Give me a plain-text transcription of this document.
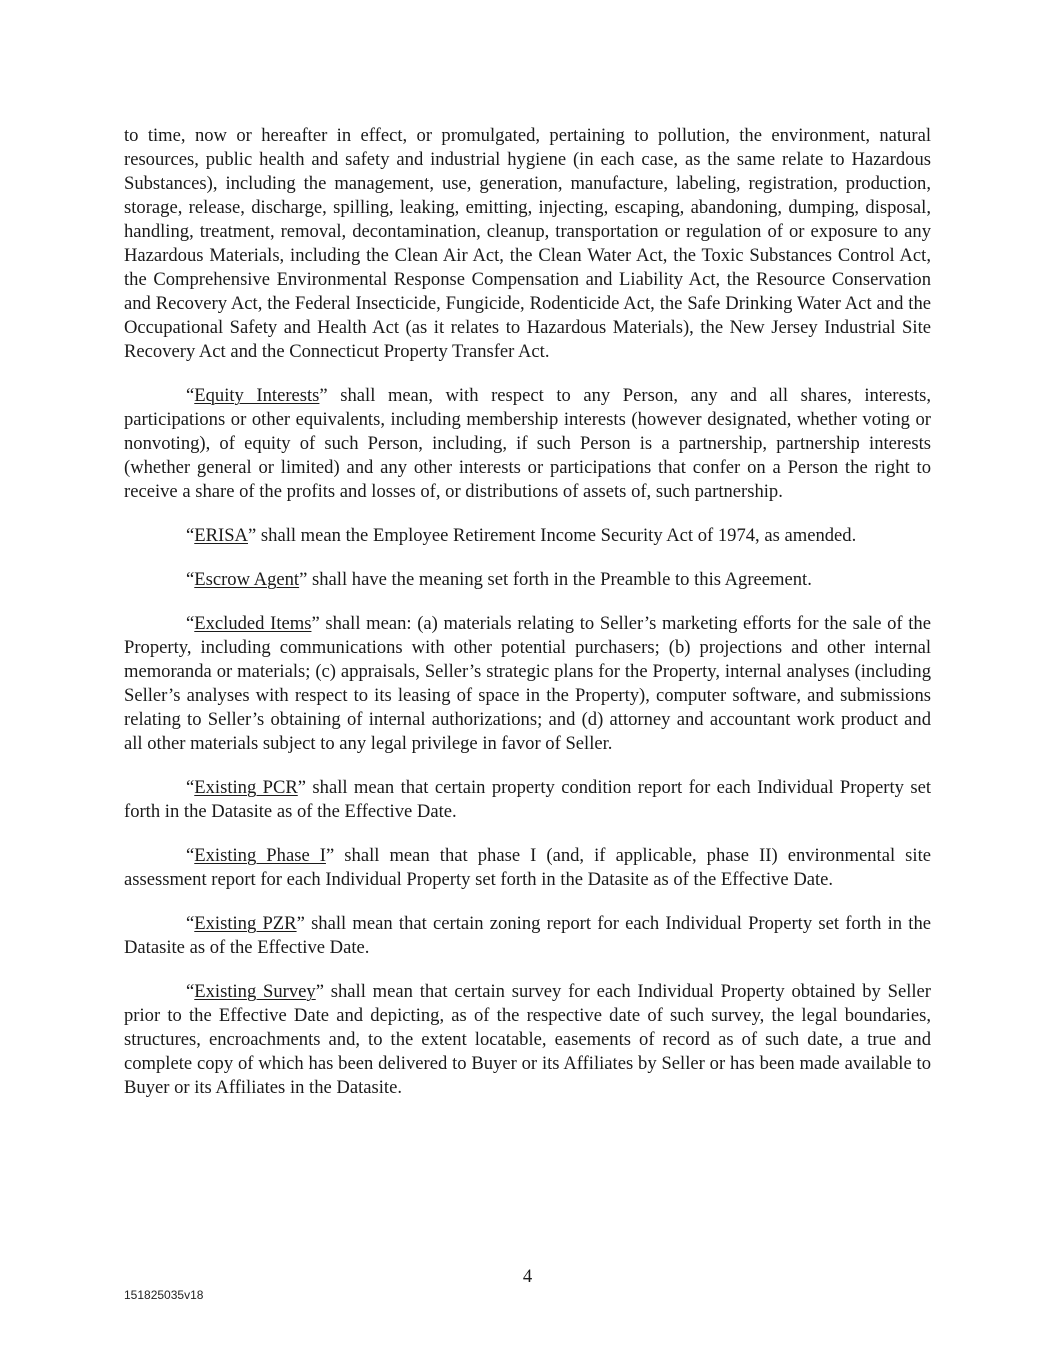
to time, now or hereafter in effect, or promulgated, pertaining to pollution, the environment, natural resources, public health and safety and industrial hygiene (in each case, as the same relate to Hazardous Substances), including the management, use, generation, manufacture, labeling, registration, production, storage, release, discharge, spilling, leaking, emitting, injecting, escaping, abandoning, dumping, disposal, handling, treatment, removal, decontamination, cleanup, transportation or regulation of or exposure to any Hazardous Materials, including the Clean Air Act, the Clean Water Act, the Toxic Substances Control Act, the Comprehensive Environmental Response Compensation and Liability Act, the Resource Conservation and Recovery Act, the Federal Insecticide, Fungicide, Rodenticide Act, the Safe Drinking Water Act and the Occupational Safety and Health Act (as it relates to Hazardous Materials), the New Jersey Industrial Site Recovery Act and the Connecticut Property Transfer Act.

“Equity Interests” shall mean, with respect to any Person, any and all shares, interests, participations or other equivalents, including membership interests (however designated, whether voting or nonvoting), of equity of such Person, including, if such Person is a partnership, partnership interests (whether general or limited) and any other interests or participations that confer on a Person the right to receive a share of the profits and losses of, or distributions of assets of, such partnership.

“ERISA” shall mean the Employee Retirement Income Security Act of 1974, as amended.

“Escrow Agent” shall have the meaning set forth in the Preamble to this Agreement.

“Excluded Items” shall mean: (a) materials relating to Seller’s marketing efforts for the sale of the Property, including communications with other potential purchasers; (b) projections and other internal memoranda or materials; (c) appraisals, Seller’s strategic plans for the Property, internal analyses (including Seller’s analyses with respect to its leasing of space in the Property), computer software, and submissions relating to Seller’s obtaining of internal authorizations; and (d) attorney and accountant work product and all other materials subject to any legal privilege in favor of Seller.

“Existing PCR” shall mean that certain property condition report for each Individual Property set forth in the Datasite as of the Effective Date.

“Existing Phase I” shall mean that phase I (and, if applicable, phase II) environmental site assessment report for each Individual Property set forth in the Datasite as of the Effective Date.

“Existing PZR” shall mean that certain zoning report for each Individual Property set forth in the Datasite as of the Effective Date.

“Existing Survey” shall mean that certain survey for each Individual Property obtained by Seller prior to the Effective Date and depicting, as of the respective date of such survey, the legal boundaries, structures, encroachments and, to the extent locatable, easements of record as of such date, a true and complete copy of which has been delivered to Buyer or its Affiliates by Seller or has been made available to Buyer or its Affiliates in the Datasite.

4
151825035v18
